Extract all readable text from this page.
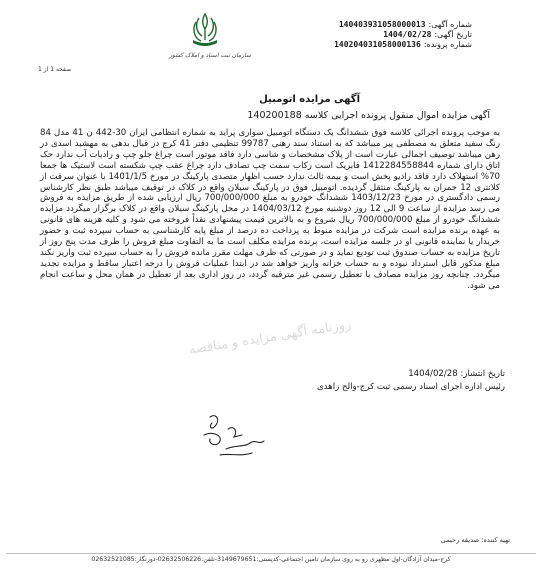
سازمان ثبت اسناد و املاک کشور
شماره آگهی:
140403931058000013
تاریخ آگهی:
1404/02/28
شماره پرونده:
140204031058000136
صفحه 1 از 1
آگهی مزایده اتومبیل
آگهی مزایده اموال منقول پرونده اجرایی کلاسه 140200188
به موجب پرونده اجرائی کلاسه فوق ششدانگ یک دستگاه اتومبیل سواری پراید به شماره انتظامی ایران 30-442 ن 41 مدل 84 رنگ سفید متعلق به مصطفی پیر میباشد که به استناد سند رهنی 99787 تنظیمی دفتر 41 کرج در قبال بدهی به مهشید اسدی در رهن میباشد توصیف اجمالی عبارت است از پلاک مشخصات و شاسی دارد فاقد موتور است چراغ جلو چپ و رادیات آب ندارد حک اتاق دارای شماره 1412284558844 فابریک است رکاب سمت چپ تصادف دارد چراغ عقب چپ شکسته است لاستیک ها جمعا 70% استهلاک دارد فاقد رادیو پخش است و بیمه ثالث ندارد حسب اظهار متصدی پارکینگ در مورخ 1401/1/5 با عنوان سرقت از کلانتری 12 جمران به پارکینگ منتقل گردیده. اتومبیل فوق در پارکینگ سیلان واقع در کلاک در توقیف میباشد طبق نظر کارشناس رسمی دادگستری در مورخ 1403/12/23 ششدانگ خودرو به مبلغ 700/000/000 ریال ارزیابی شده از طریق مزایده به فروش می رسد مزایده از ساعت 9 الی 12 روز دوشنبه مورخ 1404/03/12 در محل پارکینگ سیلان واقع در کلاک برگزار میگردد مزایده ششدانگ خودرو از مبلغ 700/000/000 ریال شروع و به بالاترین قیمت پیشنهادی نقداً فروخته می شود و کلیه هزینه های قانونی به عهده برنده مزایده است شرکت در مزایده منوط به پرداخت ده درصد از مبلغ پایه کارشناسی به حساب سپرده ثبت و حضور خریدار یا نماینده قانونی او در جلسه مزایده است، برنده مزایده مکلف است ما به التفاوت مبلغ فروش را ظرف مدت پنج روز از تاریخ مزایده به حساب صندوق ثبت تودیع نماید و در صورتی که ظرف مهلت مقرر مانده فروش را به حساب سپرده ثبت واریز نکند مبلغ مذکور قابل استرداد نبوده و به حساب خزانه واریز خواهد شد در ابتدا عملیات فروش را درجه اعتبار ساقط و مزایده تجدید میگردد. چنانچه روز مزایده مصادف با تعطیل رسمی غیر مترقبه گردد، در روز اداری بعد از تعطیل در همان محل و ساعت انجام می شود.
روزنامه آگهی مزایده و مناقصه
تاریخ انتشار: 1404/02/28
رئیس اداره اجرای اسناد رسمی ثبت کرج-والح زاهدی
تهیه کننده: صدیقه رحیمی
کرج-میدان آزادگان-اول مظهری رو به روی سازمان تامین اجتماعی-کدپستی:3149679651-تلفن:02632506226-دورنگار:02632521085
